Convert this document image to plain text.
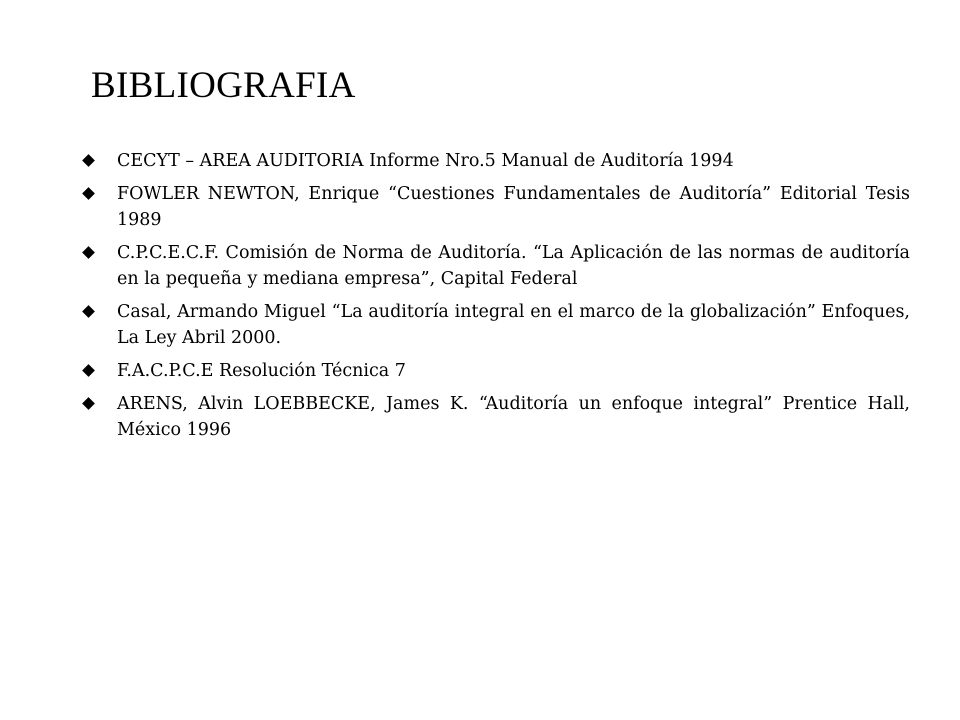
BIBLIOGRAFIA
CECYT – AREA AUDITORIA Informe Nro.5 Manual de Auditoría 1994
FOWLER NEWTON, Enrique “Cuestiones Fundamentales de Auditoría” Editorial Tesis 1989
C.P.C.E.C.F. Comisión de Norma de Auditoría. “La Aplicación de las normas de auditoría en la pequeña y mediana empresa”, Capital Federal
Casal, Armando Miguel “La auditoría integral en el marco de la globalización” Enfoques, La Ley Abril 2000.
F.A.C.P.C.E Resolución Técnica 7
ARENS, Alvin LOEBBECKE, James K. “Auditoría un enfoque integral” Prentice Hall, México 1996
